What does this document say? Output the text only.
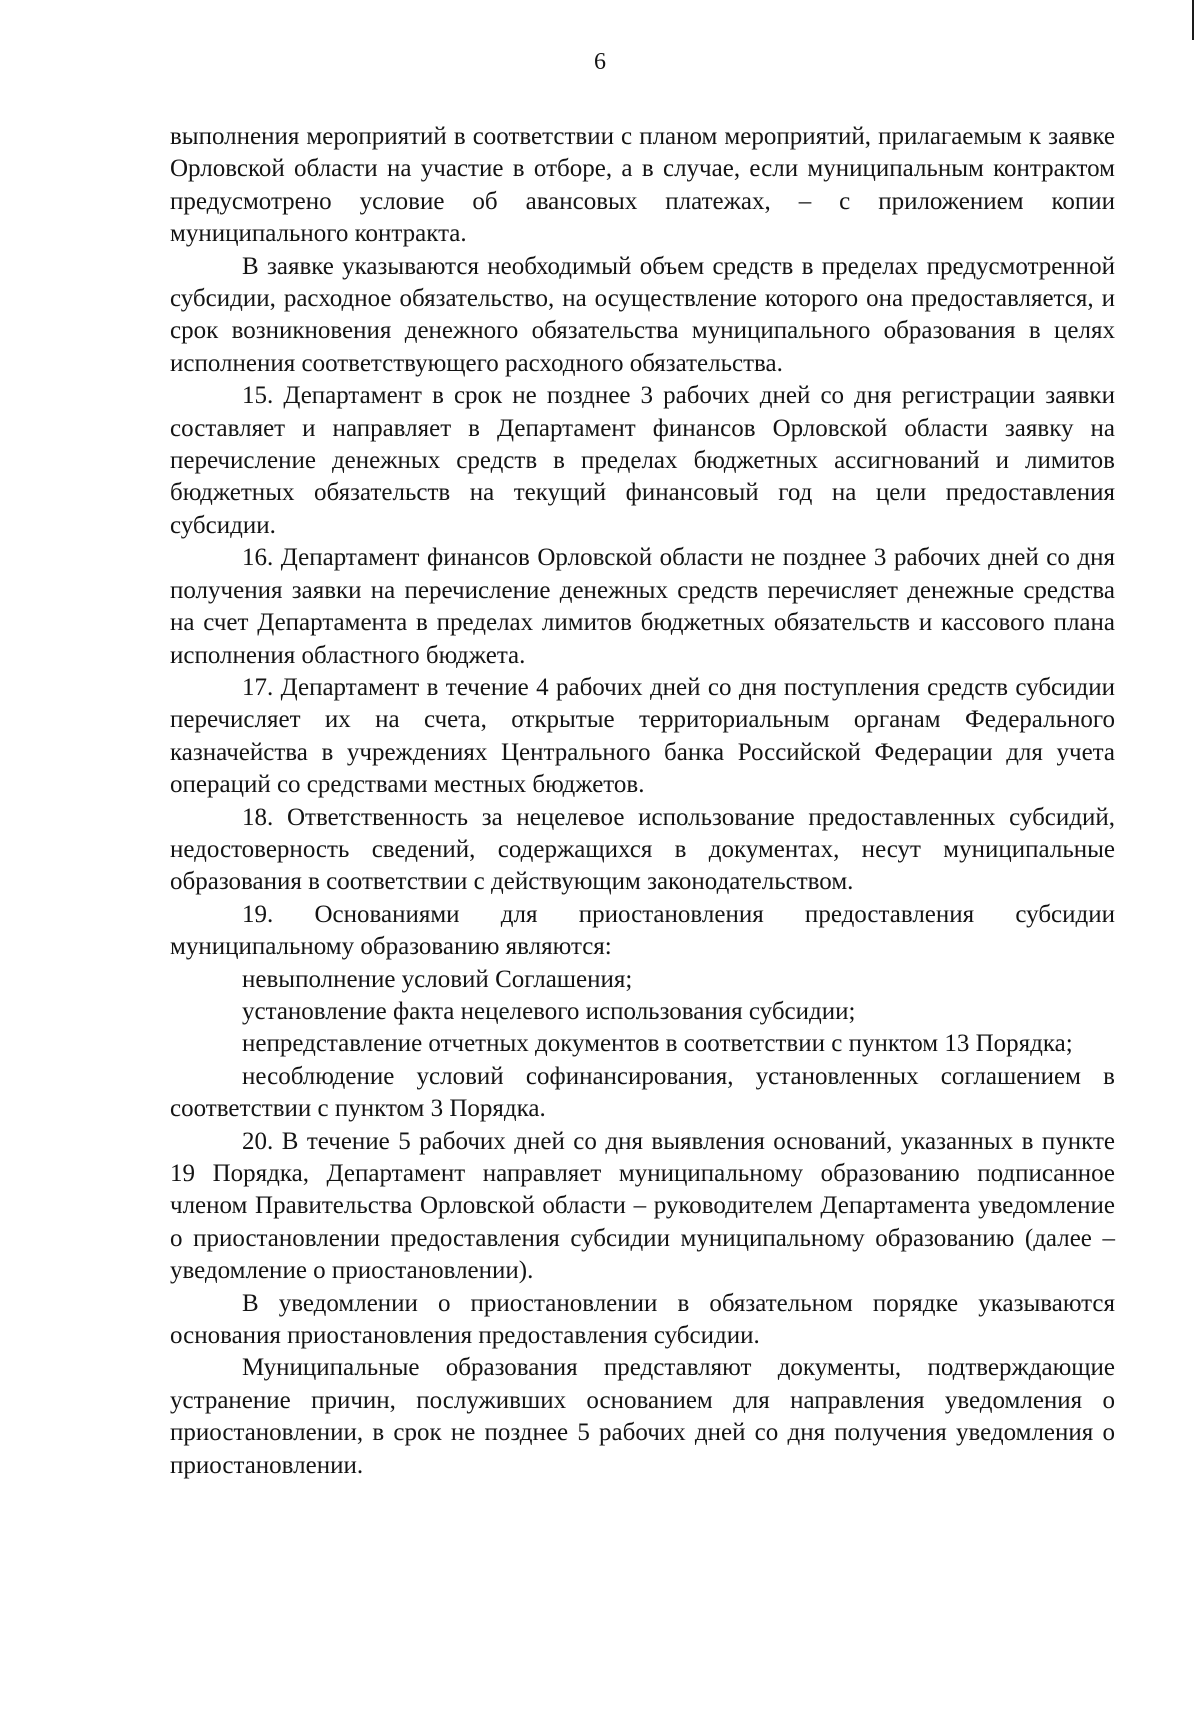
6

выполнения мероприятий в соответствии с планом мероприятий, прилагаемым к заявке Орловской области на участие в отборе, а в случае, если муниципальным контрактом предусмотрено условие об авансовых платежах, – с приложением копии муниципального контракта.

В заявке указываются необходимый объем средств в пределах предусмотренной субсидии, расходное обязательство, на осуществление которого она предоставляется, и срок возникновения денежного обязательства муниципального образования в целях исполнения соответствующего расходного обязательства.

15. Департамент в срок не позднее 3 рабочих дней со дня регистрации заявки составляет и направляет в Департамент финансов Орловской области заявку на перечисление денежных средств в пределах бюджетных ассигнований и лимитов бюджетных обязательств на текущий финансовый год на цели предоставления субсидии.

16. Департамент финансов Орловской области не позднее 3 рабочих дней со дня получения заявки на перечисление денежных средств перечисляет денежные средства на счет Департамента в пределах лимитов бюджетных обязательств и кассового плана исполнения областного бюджета.

17. Департамент в течение 4 рабочих дней со дня поступления средств субсидии перечисляет их на счета, открытые территориальным органам Федерального казначейства в учреждениях Центрального банка Российской Федерации для учета операций со средствами местных бюджетов.

18. Ответственность за нецелевое использование предоставленных субсидий, недостоверность сведений, содержащихся в документах, несут муниципальные образования в соответствии с действующим законодательством.

19. Основаниями для приостановления предоставления субсидии муниципальному образованию являются:

невыполнение условий Соглашения;

установление факта нецелевого использования субсидии;

непредставление отчетных документов в соответствии с пунктом 13 Порядка;

несоблюдение условий софинансирования, установленных соглашением в соответствии с пунктом 3 Порядка.

20. В течение 5 рабочих дней со дня выявления оснований, указанных в пункте 19 Порядка, Департамент направляет муниципальному образованию подписанное членом Правительства Орловской области – руководителем Департамента уведомление о приостановлении предоставления субсидии муниципальному образованию (далее – уведомление о приостановлении).

В уведомлении о приостановлении в обязательном порядке указываются основания приостановления предоставления субсидии.

Муниципальные образования представляют документы, подтверждающие устранение причин, послуживших основанием для направления уведомления о приостановлении, в срок не позднее 5 рабочих дней со дня получения уведомления о приостановлении.
